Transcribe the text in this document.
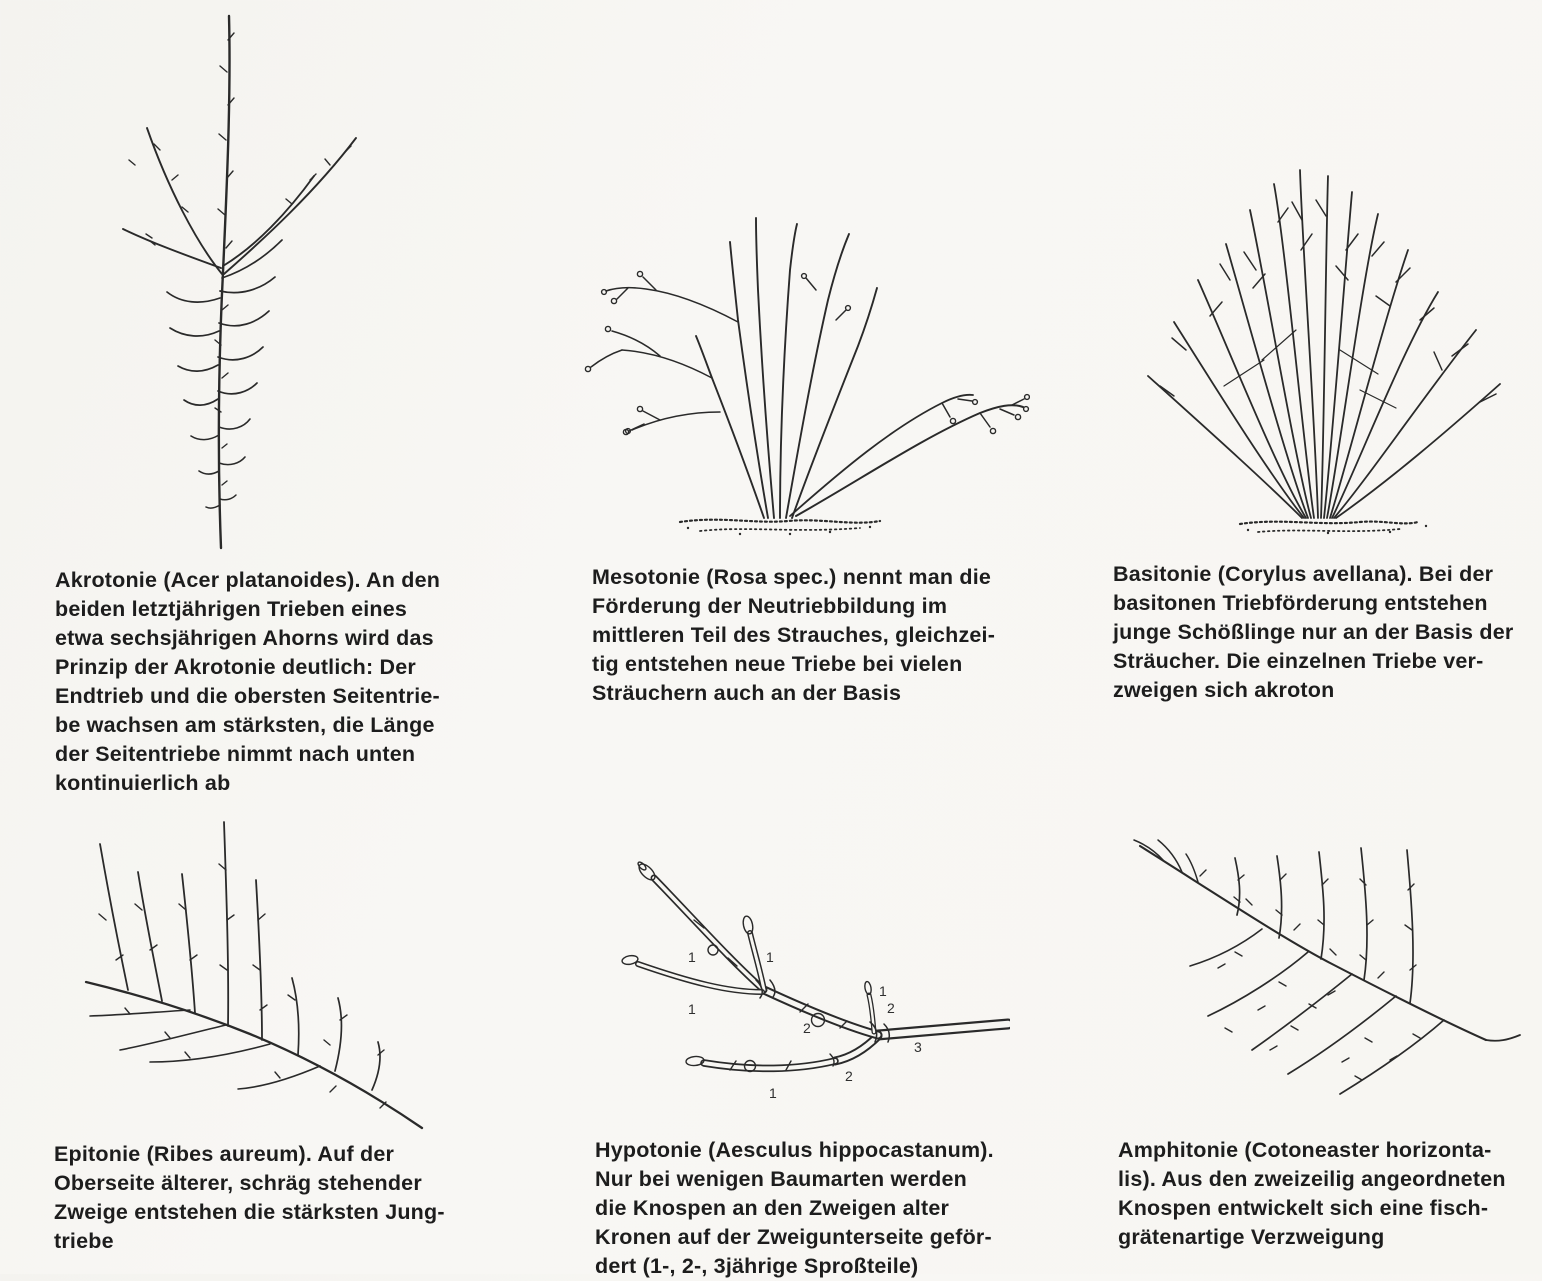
1	1
1
1
2
2
1
2
3
Akrotonie (Acer platanoides). An den
beiden letztjährigen Trieben eines
etwa sechsjährigen Ahorns wird das
Prinzip der Akrotonie deutlich: Der
Endtrieb und die obersten Seitentrie-
be wachsen am stärksten, die Länge
der Seitentriebe nimmt nach unten
kontinuierlich ab
Mesotonie (Rosa spec.) nennt man die
Förderung der Neutriebbildung im
mittleren Teil des Strauches, gleichzei-
tig entstehen neue Triebe bei vielen
Sträuchern auch an der Basis
Basitonie (Corylus avellana). Bei der
basitonen Triebförderung entstehen
junge Schößlinge nur an der Basis der
Sträucher. Die einzelnen Triebe ver-
zweigen sich akroton
Epitonie (Ribes aureum). Auf der
Oberseite älterer, schräg stehender
Zweige entstehen die stärksten Jung-
triebe
Hypotonie (Aesculus hippocastanum).
Nur bei wenigen Baumarten werden
die Knospen an den Zweigen alter
Kronen auf der Zweigunterseite geför-
dert (1-, 2-, 3jährige Sproßteile)
Amphitonie (Cotoneaster horizonta-
lis). Aus den zweizeilig angeordneten
Knospen entwickelt sich eine fisch-
grätenartige Verzweigung
